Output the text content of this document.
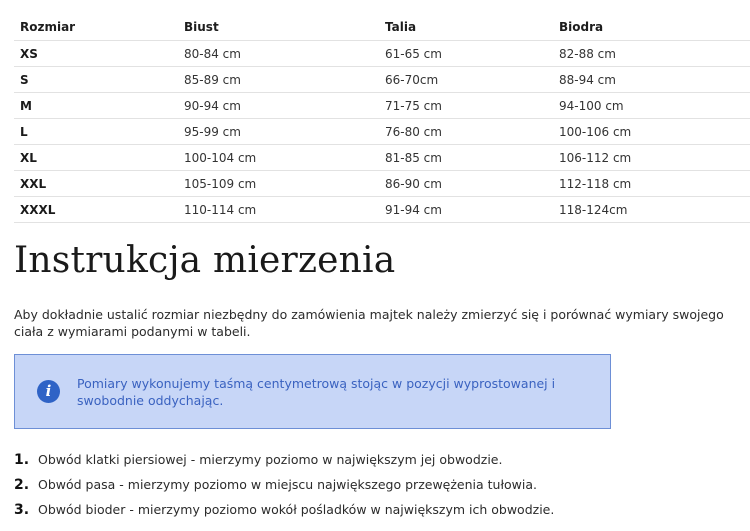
Rozmiar	Biust	Talia	Biodra
XS	80-84 cm	61-65 cm	82-88 cm
S	85-89 cm	66-70cm	88-94 cm
M	90-94 cm	71-75 cm	94-100 cm
L	95-99 cm	76-80 cm	100-106 cm
XL	100-104 cm	81-85 cm	106-112 cm
XXL	105-109 cm	86-90 cm	112-118 cm
XXXL	110-114 cm	91-94 cm	118-124cm
Instrukcja mierzenia

Aby dokładnie ustalić rozmiar niezbędny do zamówienia majtek należy zmierzyć się i porównać wymiary swojego ciała z wymiarami podanymi w tabeli.

i	Pomiary wykonujemy taśmą centymetrową stojąc w pozycji wyprostowanej i swobodnie oddychając.
1. Obwód klatki piersiowej - mierzymy poziomo w największym jej obwodzie.
2. Obwód pasa - mierzymy poziomo w miejscu największego przewężenia tułowia.
3. Obwód bioder - mierzymy poziomo wokół pośladków w największym ich obwodzie.
